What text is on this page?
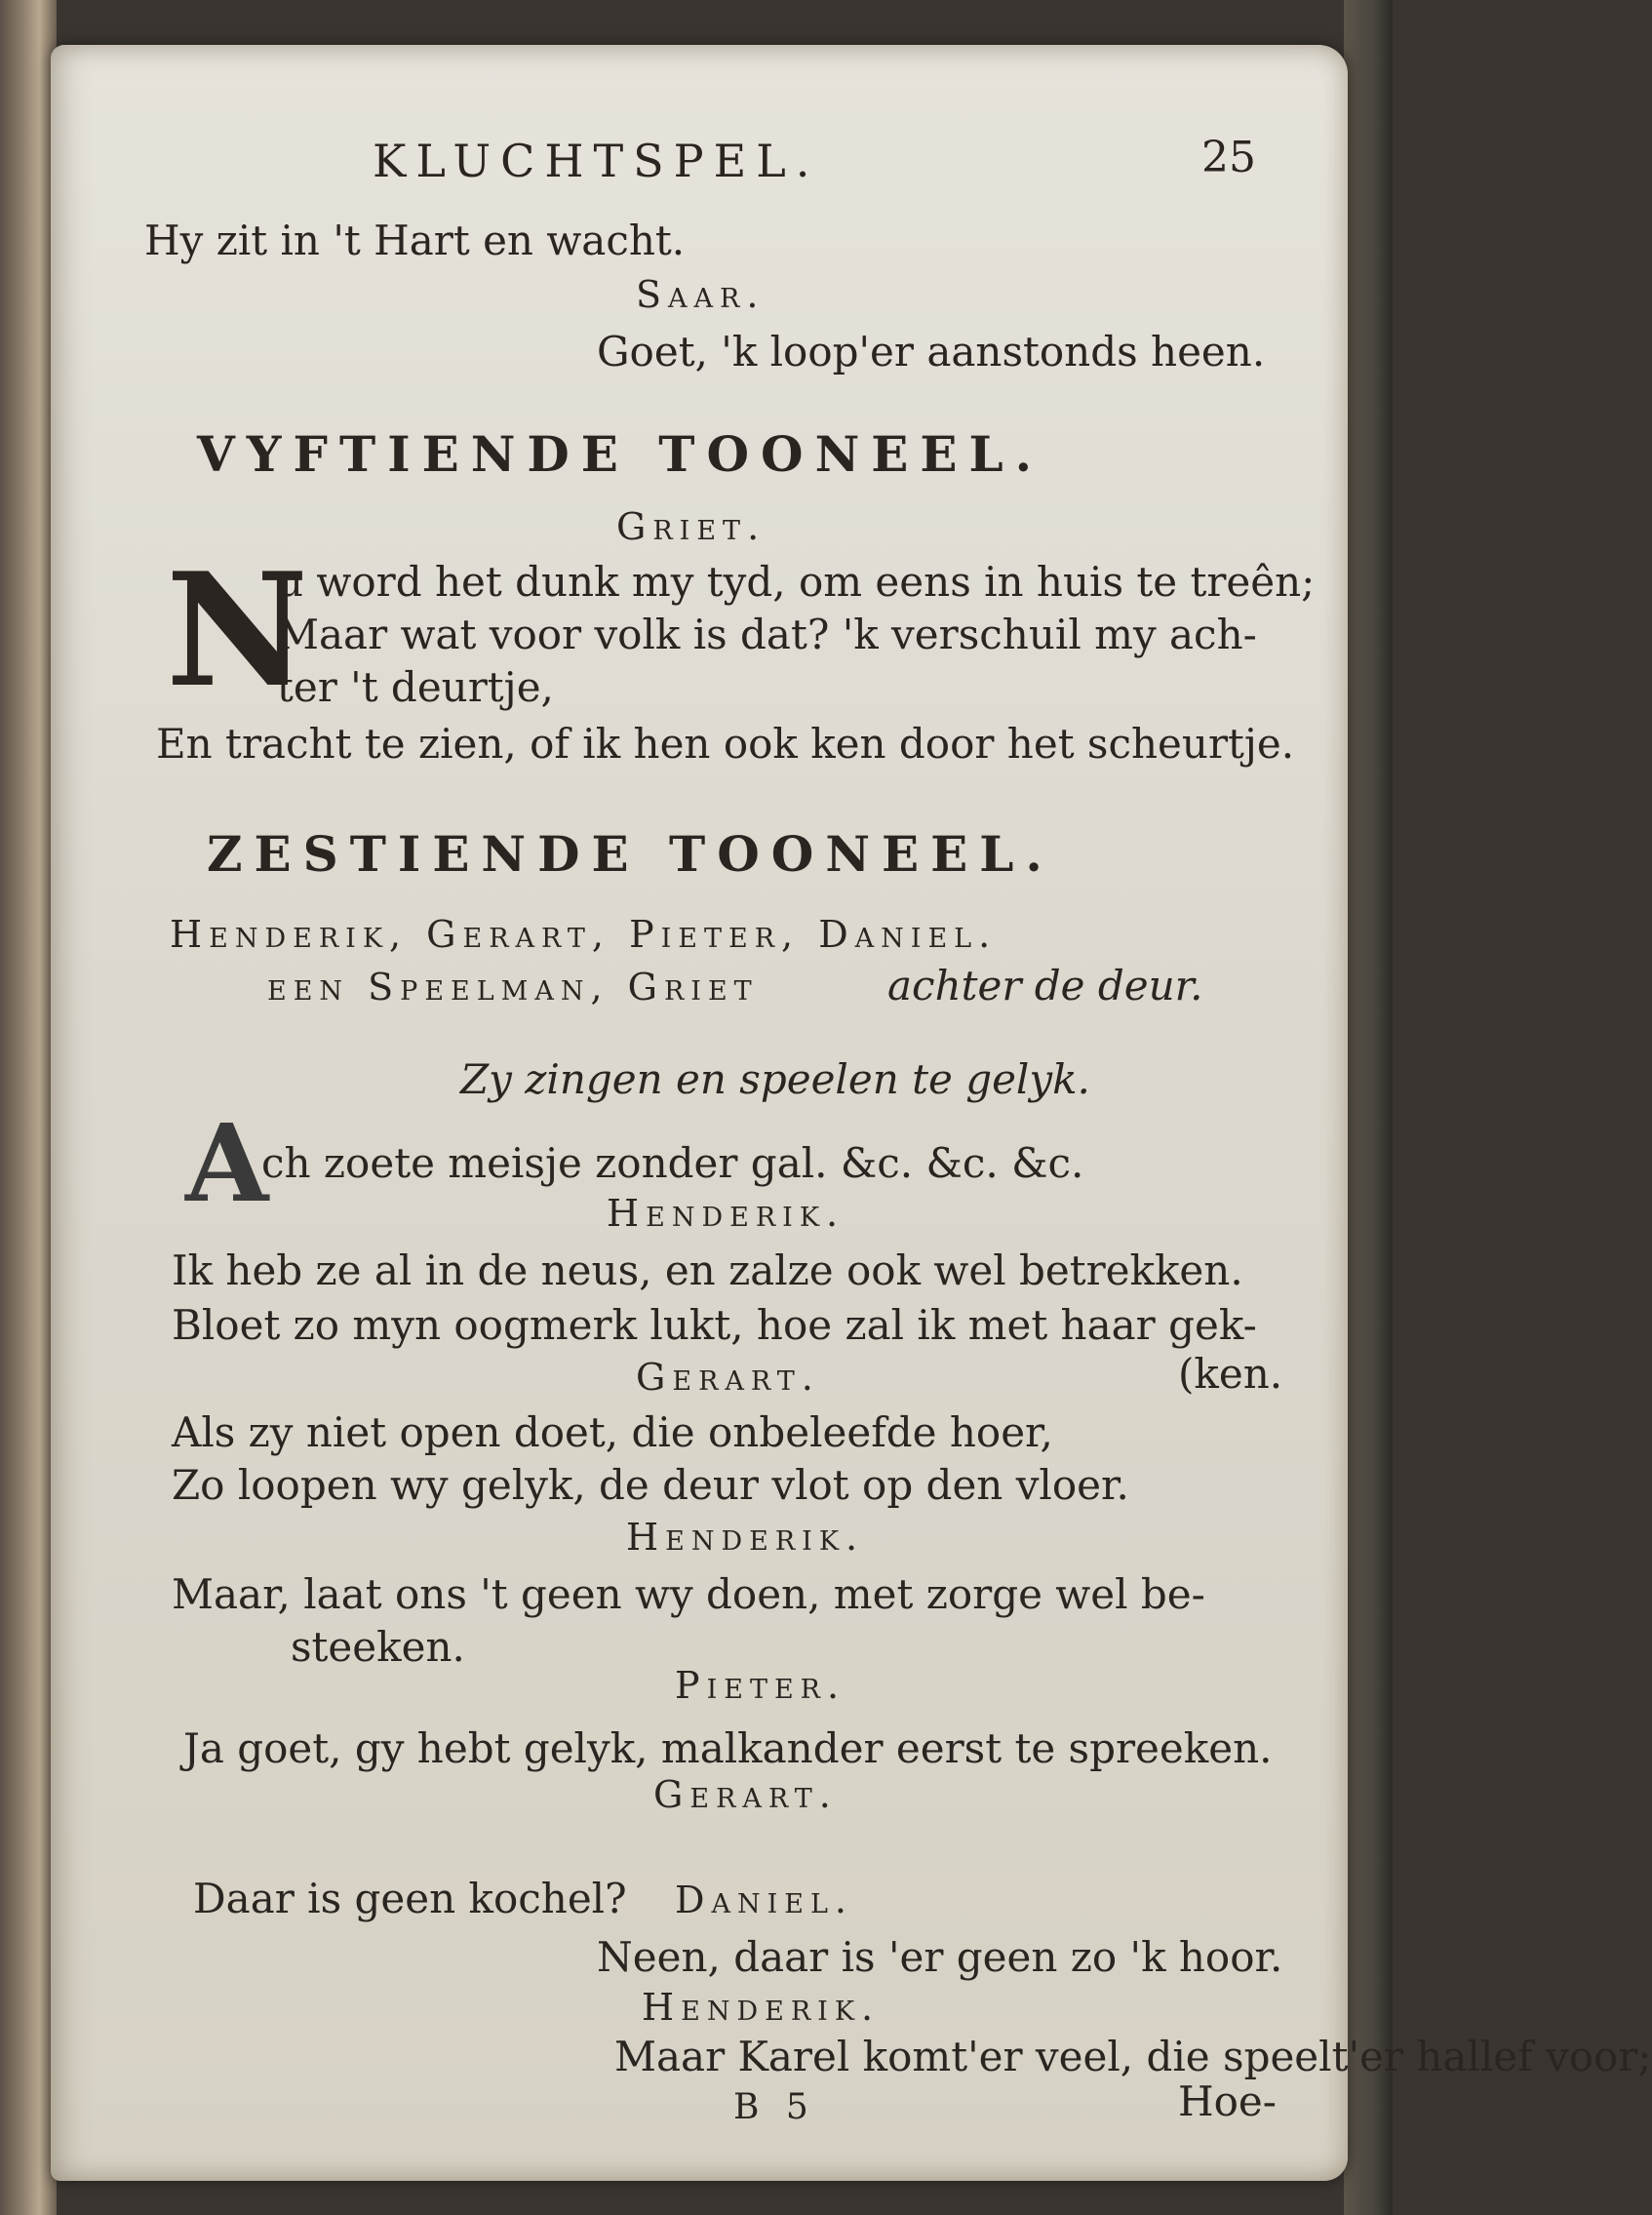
KLUCHTSPEL.	25
Hy zit in 't Hart en wacht.
Saar.
Goet, 'k loop'er aanstonds heen.
VYFTIENDE TOONEEL.
Griet.
N
u word het dunk my tyd, om eens in huis te treên;
Maar wat voor volk is dat? 'k verschuil my ach-
ter 't deurtje,
En tracht te zien, of ik hen ook ken door het scheurtje.
ZESTIENDE TOONEEL.
Henderik, Gerart, Pieter, Daniel.
een Speelman, Griet	achter de deur.
Zy zingen en speelen te gelyk.
A
ch zoete meisje zonder gal. &c. &c. &c.
Henderik.
Ik heb ze al in de neus, en zalze ook wel betrekken.
Bloet zo myn oogmerk lukt, hoe zal ik met haar gek-
Gerart.	(ken.
Als zy niet open doet, die onbeleefde hoer,
Zo loopen wy gelyk, de deur vlot op den vloer.
Henderik.
Maar, laat ons 't geen wy doen, met zorge wel be-
steeken.
Pieter.
Ja goet, gy hebt gelyk, malkander eerst te spreeken.
Gerart.
Daar is geen kochel? Daniel.
Neen, daar is 'er geen zo 'k hoor.
Henderik.
Maar Karel komt'er veel, die speelt'er hallef voor;
Hoe-
B 5
